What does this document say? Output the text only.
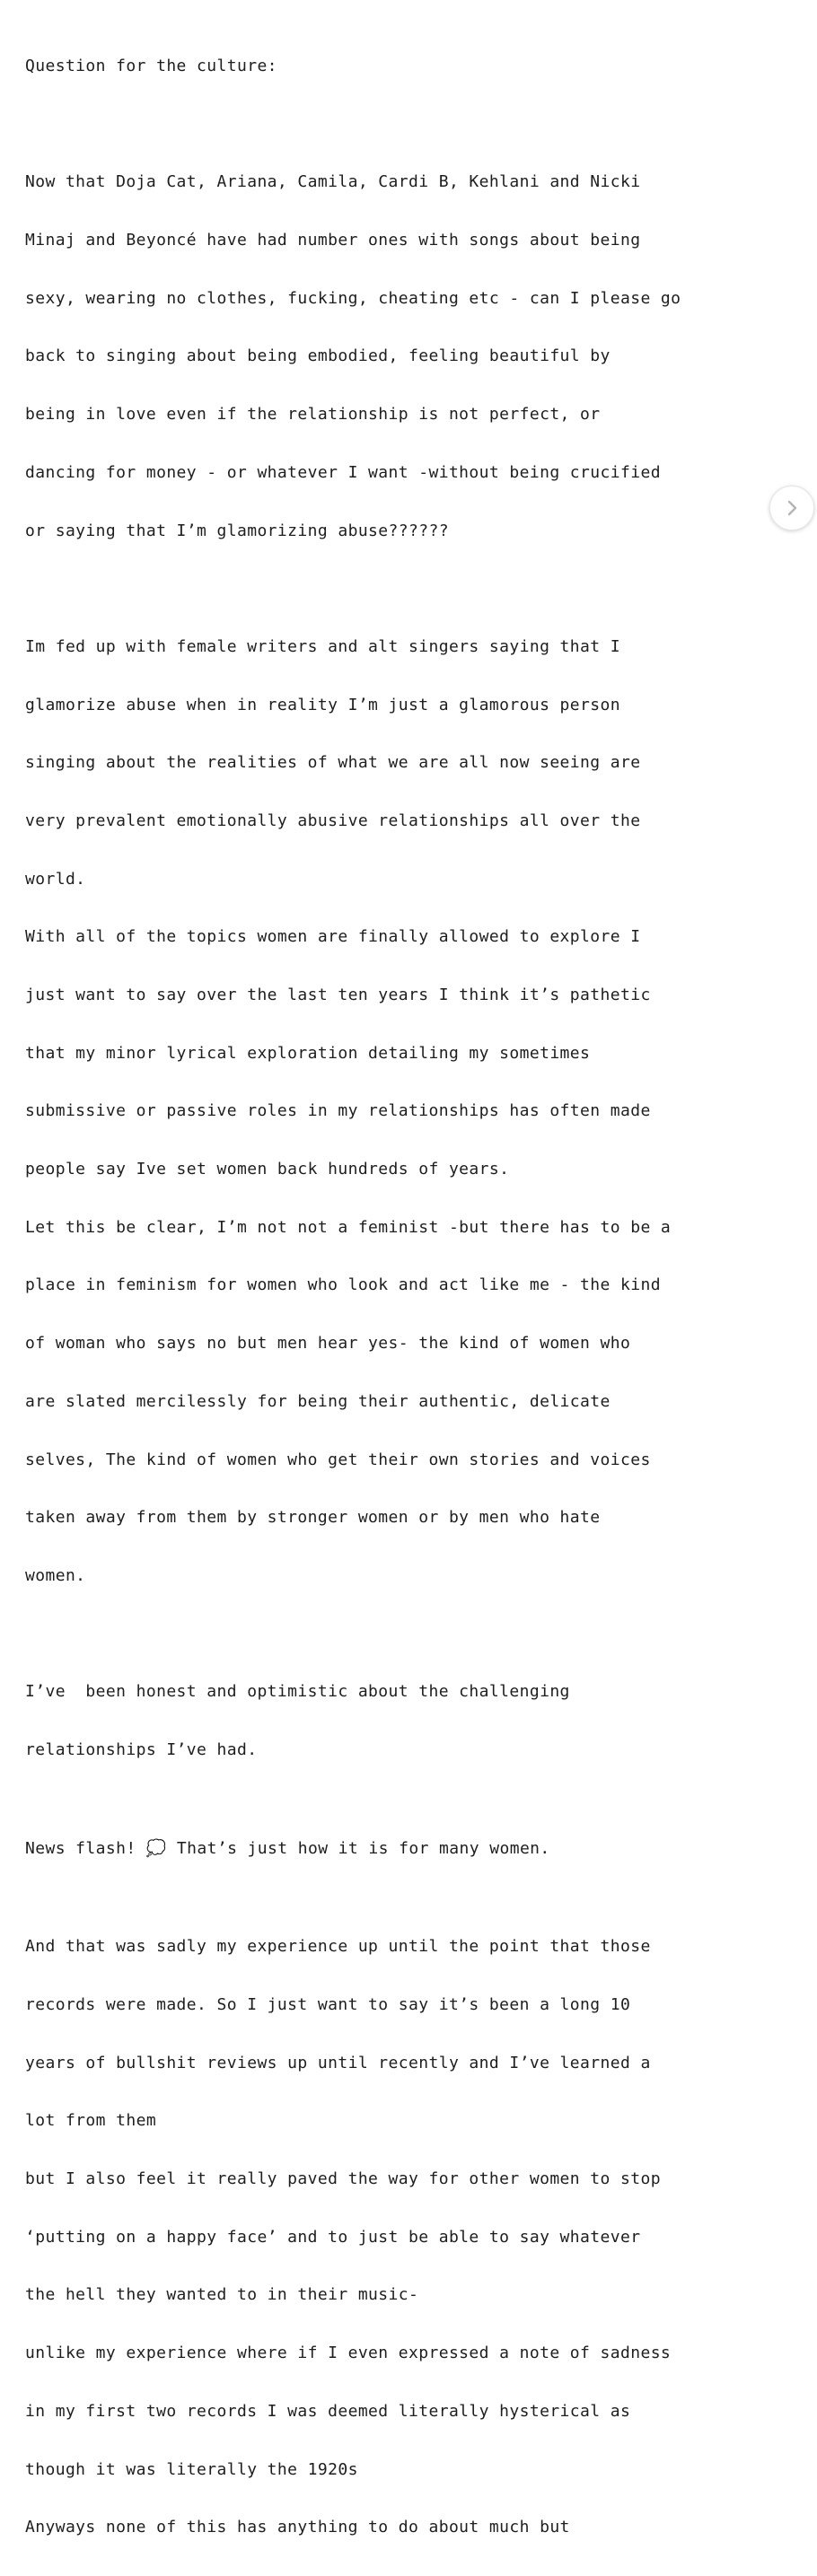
Question for the culture:

Now that Doja Cat, Ariana, Camila, Cardi B, Kehlani and Nicki

Minaj and Beyoncé have had number ones with songs about being

sexy, wearing no clothes, fucking, cheating etc - can I please go

back to singing about being embodied, feeling beautiful by

being in love even if the relationship is not perfect, or

dancing for money - or whatever I want -without being crucified

or saying that I’m glamorizing abuse??????

Im fed up with female writers and alt singers saying that I

glamorize abuse when in reality I’m just a glamorous person

singing about the realities of what we are all now seeing are

very prevalent emotionally abusive relationships all over the

world.

With all of the topics women are finally allowed to explore I

just want to say over the last ten years I think it’s pathetic

that my minor lyrical exploration detailing my sometimes

submissive or passive roles in my relationships has often made

people say Ive set women back hundreds of years.

Let this be clear, I’m not not a feminist -but there has to be a

place in feminism for women who look and act like me - the kind

of woman who says no but men hear yes- the kind of women who

are slated mercilessly for being their authentic, delicate

selves, The kind of women who get their own stories and voices

taken away from them by stronger women or by men who hate

women.

I’ve  been honest and optimistic about the challenging

relationships I’ve had.

News flash! 💭 That’s just how it is for many women.

And that was sadly my experience up until the point that those

records were made. So I just want to say it’s been a long 10

years of bullshit reviews up until recently and I’ve learned a

lot from them

but I also feel it really paved the way for other women to stop

‘putting on a happy face’ and to just be able to say whatever

the hell they wanted to in their music-

unlike my experience where if I even expressed a note of sadness

in my first two records I was deemed literally hysterical as

though it was literally the 1920s

Anyways none of this has anything to do about much but
